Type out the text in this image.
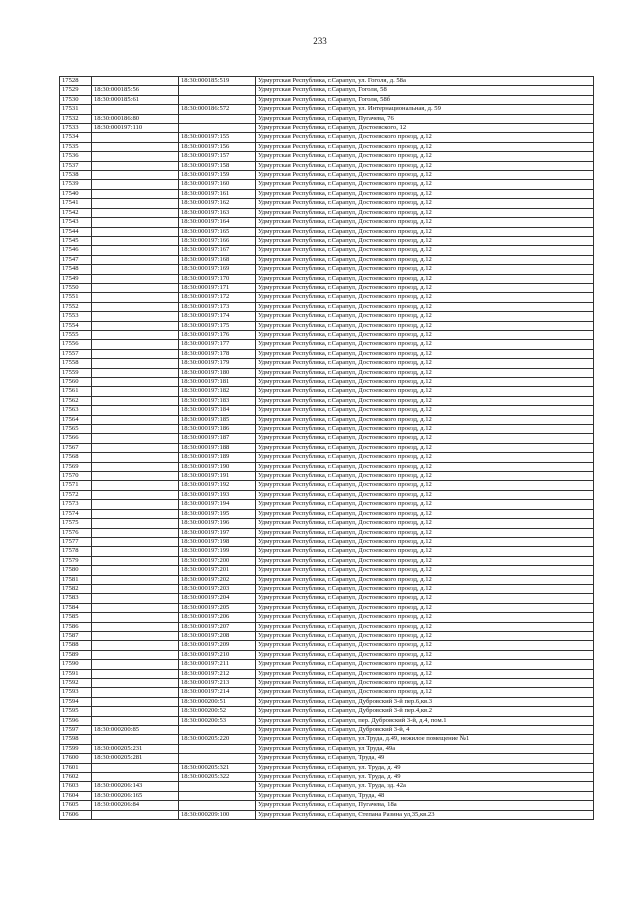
233
17528		18:30:000185:519	Удмуртская Республика, г.Сарапул, ул. Гоголя, д. 58а
17529	18:30:000185:56		Удмуртская Республика, г.Сарапул, Гоголя, 58
17530	18:30:000185:61		Удмуртская Республика, г.Сарапул, Гоголя, 58б
17531		18:30:000186:572	Удмуртская Республика, г.Сарапул, ул. Интернациональная, д. 59
17532	18:30:000186:80		Удмуртская Республика, г.Сарапул, Пугачева, 76
17533	18:30:000197:110		Удмуртская Республика, г.Сарапул, Достоевского, 12
17534		18:30:000197:155	Удмуртская Республика, г.Сарапул, Достоевского проезд, д.12
17535		18:30:000197:156	Удмуртская Республика, г.Сарапул, Достоевского проезд, д.12
17536		18:30:000197:157	Удмуртская Республика, г.Сарапул, Достоевского проезд, д.12
17537		18:30:000197:158	Удмуртская Республика, г.Сарапул, Достоевского проезд, д.12
17538		18:30:000197:159	Удмуртская Республика, г.Сарапул, Достоевского проезд, д.12
17539		18:30:000197:160	Удмуртская Республика, г.Сарапул, Достоевского проезд, д.12
17540		18:30:000197:161	Удмуртская Республика, г.Сарапул, Достоевского проезд, д.12
17541		18:30:000197:162	Удмуртская Республика, г.Сарапул, Достоевского проезд, д.12
17542		18:30:000197:163	Удмуртская Республика, г.Сарапул, Достоевского проезд, д.12
17543		18:30:000197:164	Удмуртская Республика, г.Сарапул, Достоевского проезд, д.12
17544		18:30:000197:165	Удмуртская Республика, г.Сарапул, Достоевского проезд, д.12
17545		18:30:000197:166	Удмуртская Республика, г.Сарапул, Достоевского проезд, д.12
17546		18:30:000197:167	Удмуртская Республика, г.Сарапул, Достоевского проезд, д.12
17547		18:30:000197:168	Удмуртская Республика, г.Сарапул, Достоевского проезд, д.12
17548		18:30:000197:169	Удмуртская Республика, г.Сарапул, Достоевского проезд, д.12
17549		18:30:000197:170	Удмуртская Республика, г.Сарапул, Достоевского проезд, д.12
17550		18:30:000197:171	Удмуртская Республика, г.Сарапул, Достоевского проезд, д.12
17551		18:30:000197:172	Удмуртская Республика, г.Сарапул, Достоевского проезд, д.12
17552		18:30:000197:173	Удмуртская Республика, г.Сарапул, Достоевского проезд, д.12
17553		18:30:000197:174	Удмуртская Республика, г.Сарапул, Достоевского проезд, д.12
17554		18:30:000197:175	Удмуртская Республика, г.Сарапул, Достоевского проезд, д.12
17555		18:30:000197:176	Удмуртская Республика, г.Сарапул, Достоевского проезд, д.12
17556		18:30:000197:177	Удмуртская Республика, г.Сарапул, Достоевского проезд, д.12
17557		18:30:000197:178	Удмуртская Республика, г.Сарапул, Достоевского проезд, д.12
17558		18:30:000197:179	Удмуртская Республика, г.Сарапул, Достоевского проезд, д.12
17559		18:30:000197:180	Удмуртская Республика, г.Сарапул, Достоевского проезд, д.12
17560		18:30:000197:181	Удмуртская Республика, г.Сарапул, Достоевского проезд, д.12
17561		18:30:000197:182	Удмуртская Республика, г.Сарапул, Достоевского проезд, д.12
17562		18:30:000197:183	Удмуртская Республика, г.Сарапул, Достоевского проезд, д.12
17563		18:30:000197:184	Удмуртская Республика, г.Сарапул, Достоевского проезд, д.12
17564		18:30:000197:185	Удмуртская Республика, г.Сарапул, Достоевского проезд, д.12
17565		18:30:000197:186	Удмуртская Республика, г.Сарапул, Достоевского проезд, д.12
17566		18:30:000197:187	Удмуртская Республика, г.Сарапул, Достоевского проезд, д.12
17567		18:30:000197:188	Удмуртская Республика, г.Сарапул, Достоевского проезд, д.12
17568		18:30:000197:189	Удмуртская Республика, г.Сарапул, Достоевского проезд, д.12
17569		18:30:000197:190	Удмуртская Республика, г.Сарапул, Достоевского проезд, д.12
17570		18:30:000197:191	Удмуртская Республика, г.Сарапул, Достоевского проезд, д.12
17571		18:30:000197:192	Удмуртская Республика, г.Сарапул, Достоевского проезд, д.12
17572		18:30:000197:193	Удмуртская Республика, г.Сарапул, Достоевского проезд, д.12
17573		18:30:000197:194	Удмуртская Республика, г.Сарапул, Достоевского проезд, д.12
17574		18:30:000197:195	Удмуртская Республика, г.Сарапул, Достоевского проезд, д.12
17575		18:30:000197:196	Удмуртская Республика, г.Сарапул, Достоевского проезд, д.12
17576		18:30:000197:197	Удмуртская Республика, г.Сарапул, Достоевского проезд, д.12
17577		18:30:000197:198	Удмуртская Республика, г.Сарапул, Достоевского проезд, д.12
17578		18:30:000197:199	Удмуртская Республика, г.Сарапул, Достоевского проезд, д.12
17579		18:30:000197:200	Удмуртская Республика, г.Сарапул, Достоевского проезд, д.12
17580		18:30:000197:201	Удмуртская Республика, г.Сарапул, Достоевского проезд, д.12
17581		18:30:000197:202	Удмуртская Республика, г.Сарапул, Достоевского проезд, д.12
17582		18:30:000197:203	Удмуртская Республика, г.Сарапул, Достоевского проезд, д.12
17583		18:30:000197:204	Удмуртская Республика, г.Сарапул, Достоевского проезд, д.12
17584		18:30:000197:205	Удмуртская Республика, г.Сарапул, Достоевского проезд, д.12
17585		18:30:000197:206	Удмуртская Республика, г.Сарапул, Достоевского проезд, д.12
17586		18:30:000197:207	Удмуртская Республика, г.Сарапул, Достоевского проезд, д.12
17587		18:30:000197:208	Удмуртская Республика, г.Сарапул, Достоевского проезд, д.12
17588		18:30:000197:209	Удмуртская Республика, г.Сарапул, Достоевского проезд, д.12
17589		18:30:000197:210	Удмуртская Республика, г.Сарапул, Достоевского проезд, д.12
17590		18:30:000197:211	Удмуртская Республика, г.Сарапул, Достоевского проезд, д.12
17591		18:30:000197:212	Удмуртская Республика, г.Сарапул, Достоевского проезд, д.12
17592		18:30:000197:213	Удмуртская Республика, г.Сарапул, Достоевского проезд, д.12
17593		18:30:000197:214	Удмуртская Республика, г.Сарапул, Достоевского проезд, д.12
17594		18:30:000200:51	Удмуртская Республика, г.Сарапул, Дубровский 3-й пер.6,кв.3
17595		18:30:000200:52	Удмуртская Республика, г.Сарапул, Дубровский 3-й пер.4,кв.2
17596		18:30:000200:53	Удмуртская Республика, г.Сарапул, пер. Дубровский 3-й, д.4, пом.1
17597	18:30:000200:85		Удмуртская Республика, г.Сарапул, Дубровский 3-й, 4
17598		18:30:000205:220	Удмуртская Республика, г.Сарапул, ул.Труда, д.49, нежилое помещение №1
17599	18:30:000205:231		Удмуртская Республика, г.Сарапул, ул Труда, 49а
17600	18:30:000205:281		Удмуртская Республика, г.Сарапул, Труда, 49
17601		18:30:000205:321	Удмуртская Республика, г.Сарапул, ул. Труда, д. 49
17602		18:30:000205:322	Удмуртская Республика, г.Сарапул, ул. Труда, д. 49
17603	18:30:000206:143		Удмуртская Республика, г.Сарапул, ул. Труда, зд. 42а
17604	18:30:000206:165		Удмуртская Республика, г.Сарапул, Труда, 48
17605	18:30:000206:84		Удмуртская Республика, г.Сарапул, Пугачева, 18а
17606		18:30:000209:100	Удмуртская Республика, г.Сарапул, Степана Разина ул,35,кв.23
